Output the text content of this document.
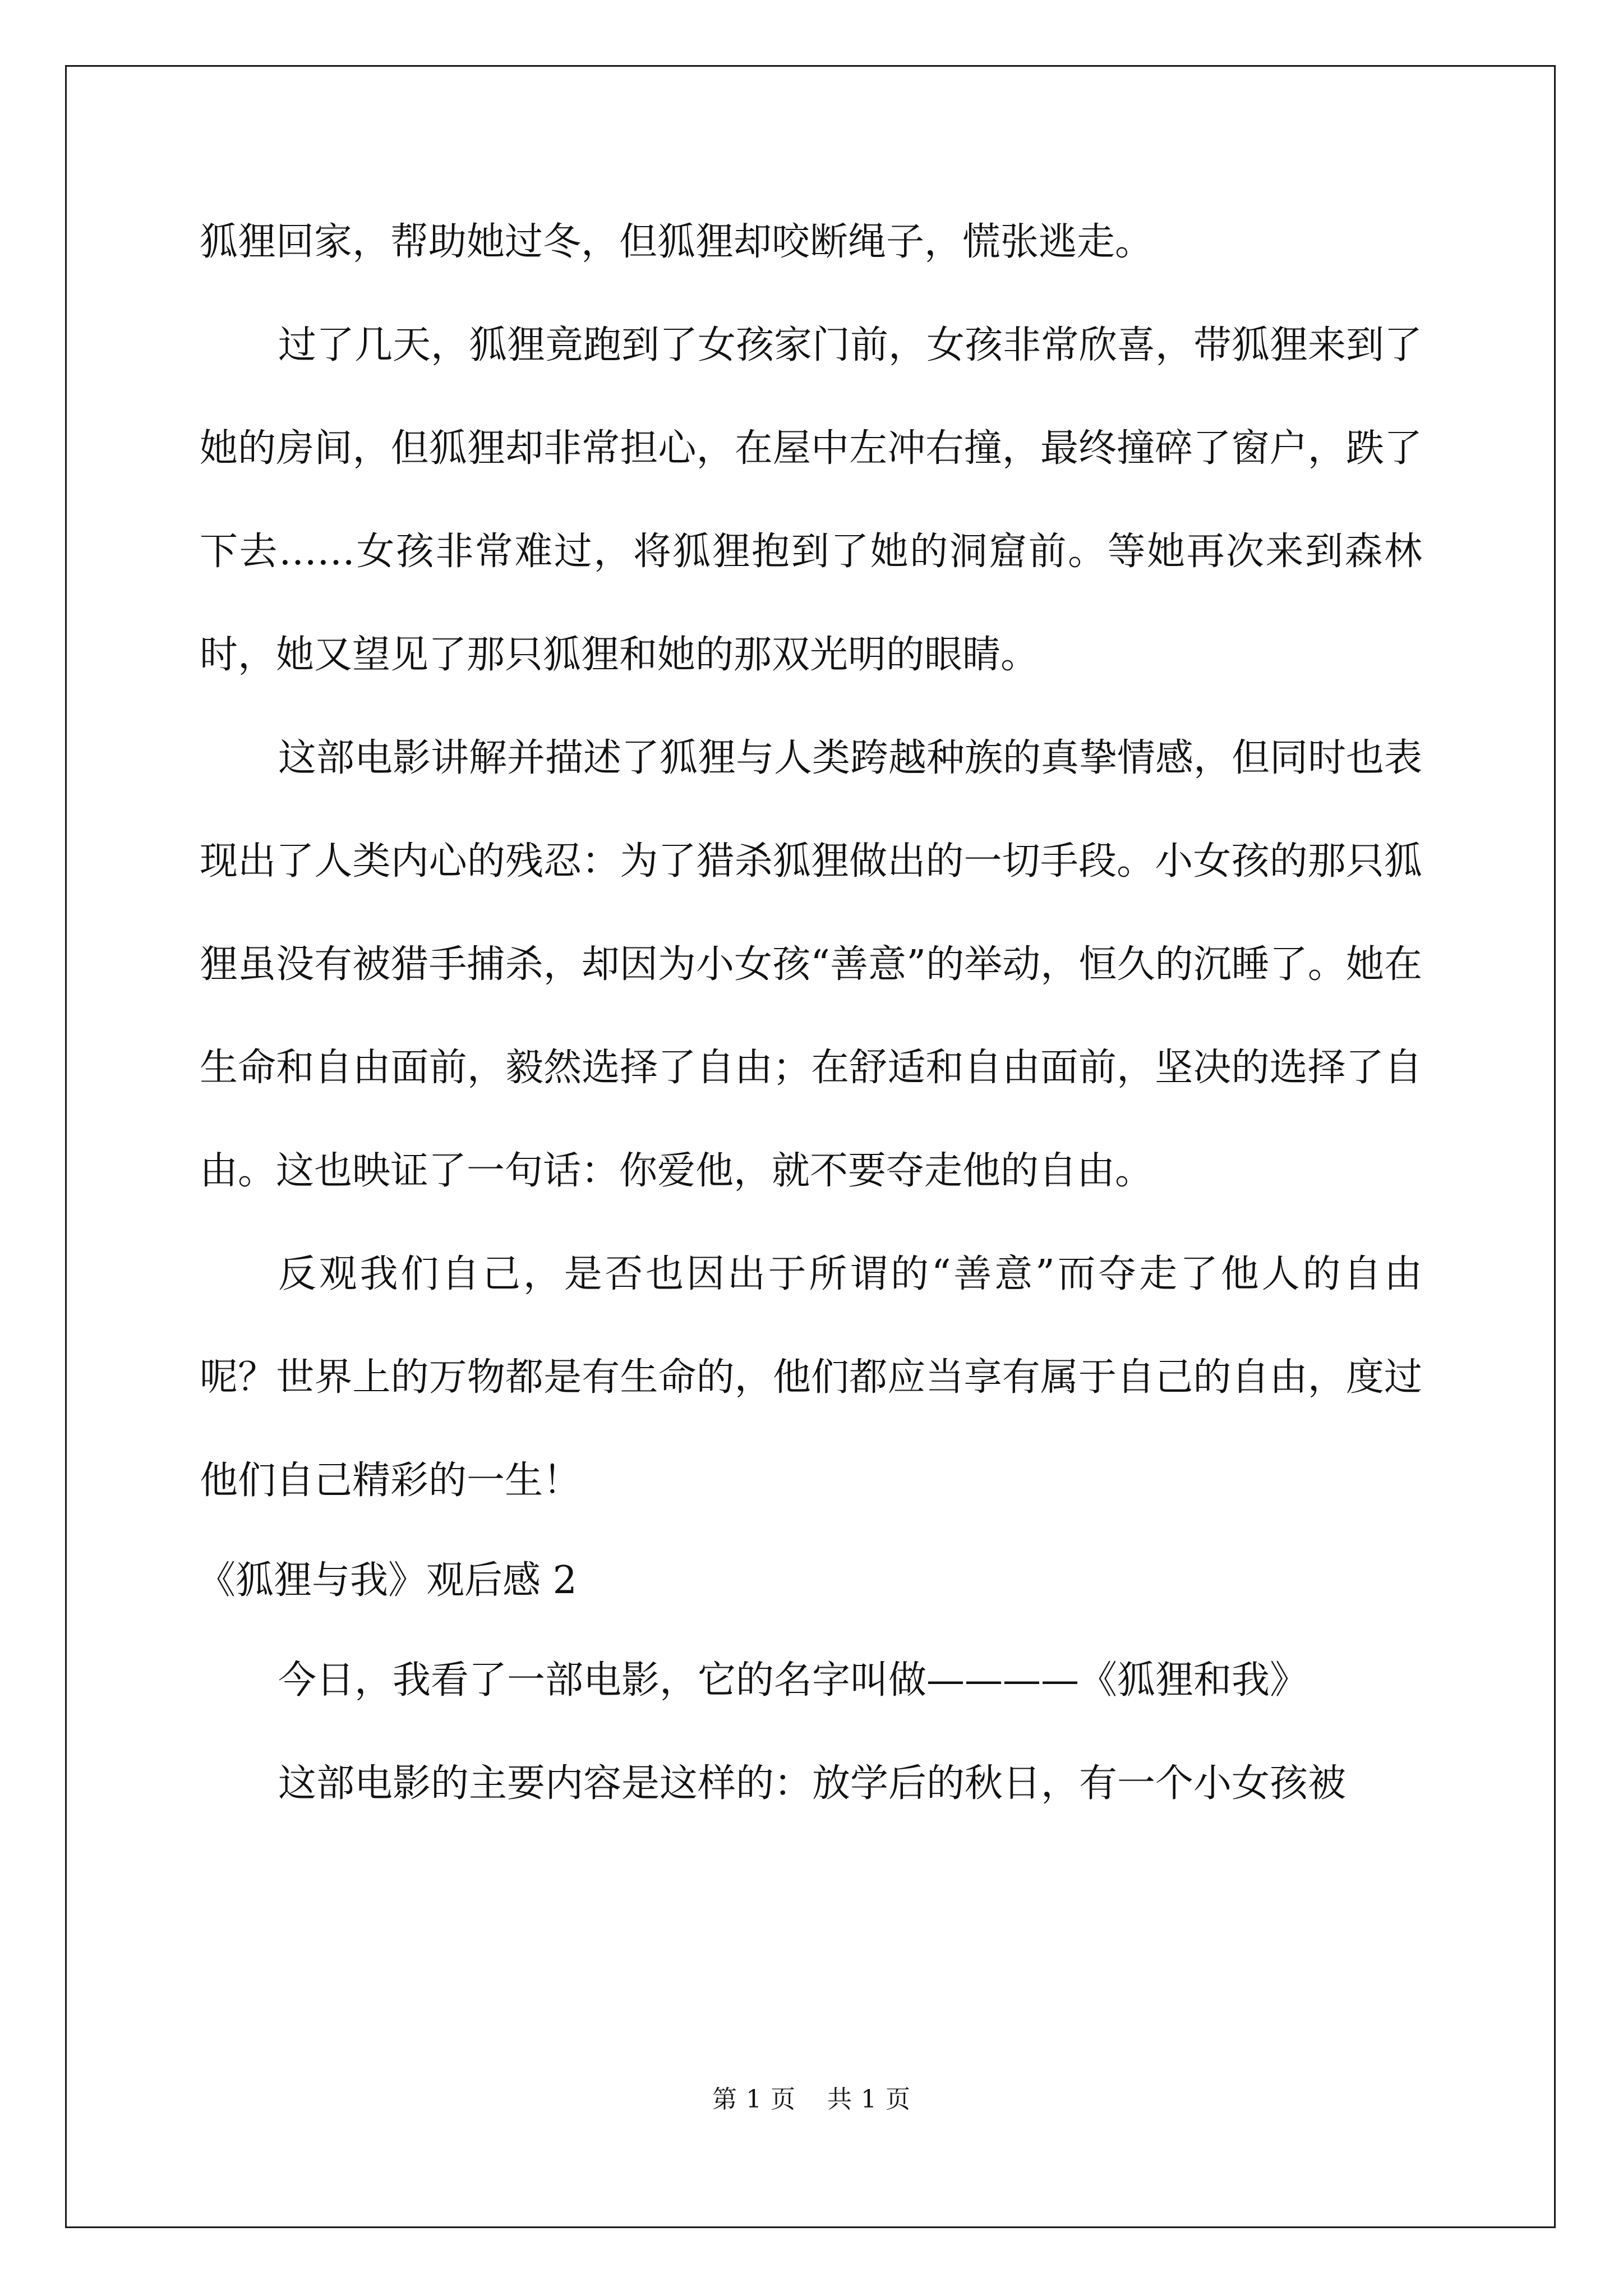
狐狸回家，帮助她过冬，但狐狸却咬断绳子，慌张逃走。

过了几天，狐狸竟跑到了女孩家门前，女孩非常欣喜，带狐狸来到了她的房间，但狐狸却非常担心，在屋中左冲右撞，最终撞碎了窗户，跌了下去……女孩非常难过，将狐狸抱到了她的洞窟前。等她再次来到森林时，她又望见了那只狐狸和她的那双光明的眼睛。

这部电影讲解并描述了狐狸与人类跨越种族的真挚情感，但同时也表现出了人类内心的残忍：为了猎杀狐狸做出的一切手段。小女孩的那只狐狸虽没有被猎手捕杀，却因为小女孩“善意”的举动，恒久的沉睡了。她在生命和自由面前，毅然选择了自由；在舒适和自由面前，坚决的选择了自由。这也映证了一句话：你爱他，就不要夺走他的自由。

反观我们自己，是否也因出于所谓的“善意”而夺走了他人的自由呢？世界上的万物都是有生命的，他们都应当享有属于自己的自由，度过他们自己精彩的一生！

《狐狸与我》观后感 2

今日，我看了一部电影，它的名字叫做————《狐狸和我》

这部电影的主要内容是这样的：放学后的秋日，有一个小女孩被

第 1 页 共 1 页
